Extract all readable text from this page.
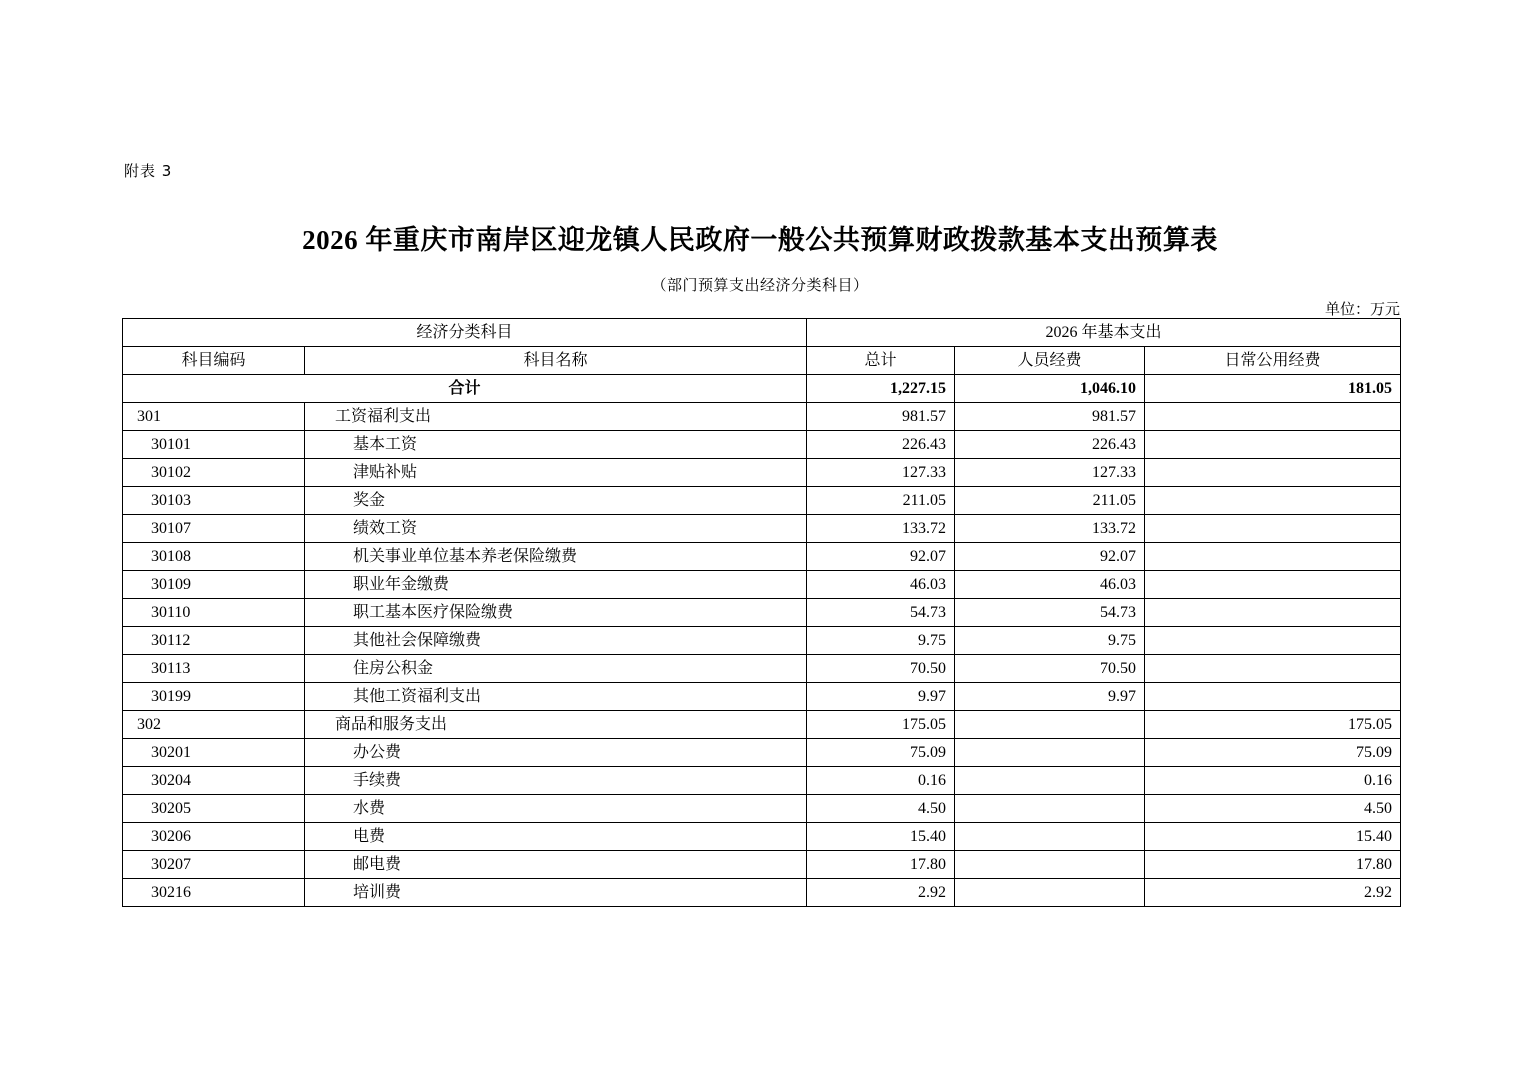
附表 3
2026 年重庆市南岸区迎龙镇人民政府一般公共预算财政拨款基本支出预算表
（部门预算支出经济分类科目）
单位：万元
经济分类科目		2026 年基本支出		
科目编码	科目名称	总计	人员经费	日常公用经费
合计		1,227.15	1,046.10	181.05
301	工资福利支出	981.57	981.57	
30101	基本工资	226.43	226.43	
30102	津贴补贴	127.33	127.33	
30103	奖金	211.05	211.05	
30107	绩效工资	133.72	133.72	
30108	机关事业单位基本养老保险缴费	92.07	92.07	
30109	职业年金缴费	46.03	46.03	
30110	职工基本医疗保险缴费	54.73	54.73	
30112	其他社会保障缴费	9.75	9.75	
30113	住房公积金	70.50	70.50	
30199	其他工资福利支出	9.97	9.97	
302	商品和服务支出	175.05		175.05
30201	办公费	75.09		75.09
30204	手续费	0.16		0.16
30205	水费	4.50		4.50
30206	电费	15.40		15.40
30207	邮电费	17.80		17.80
30216	培训费	2.92		2.92
